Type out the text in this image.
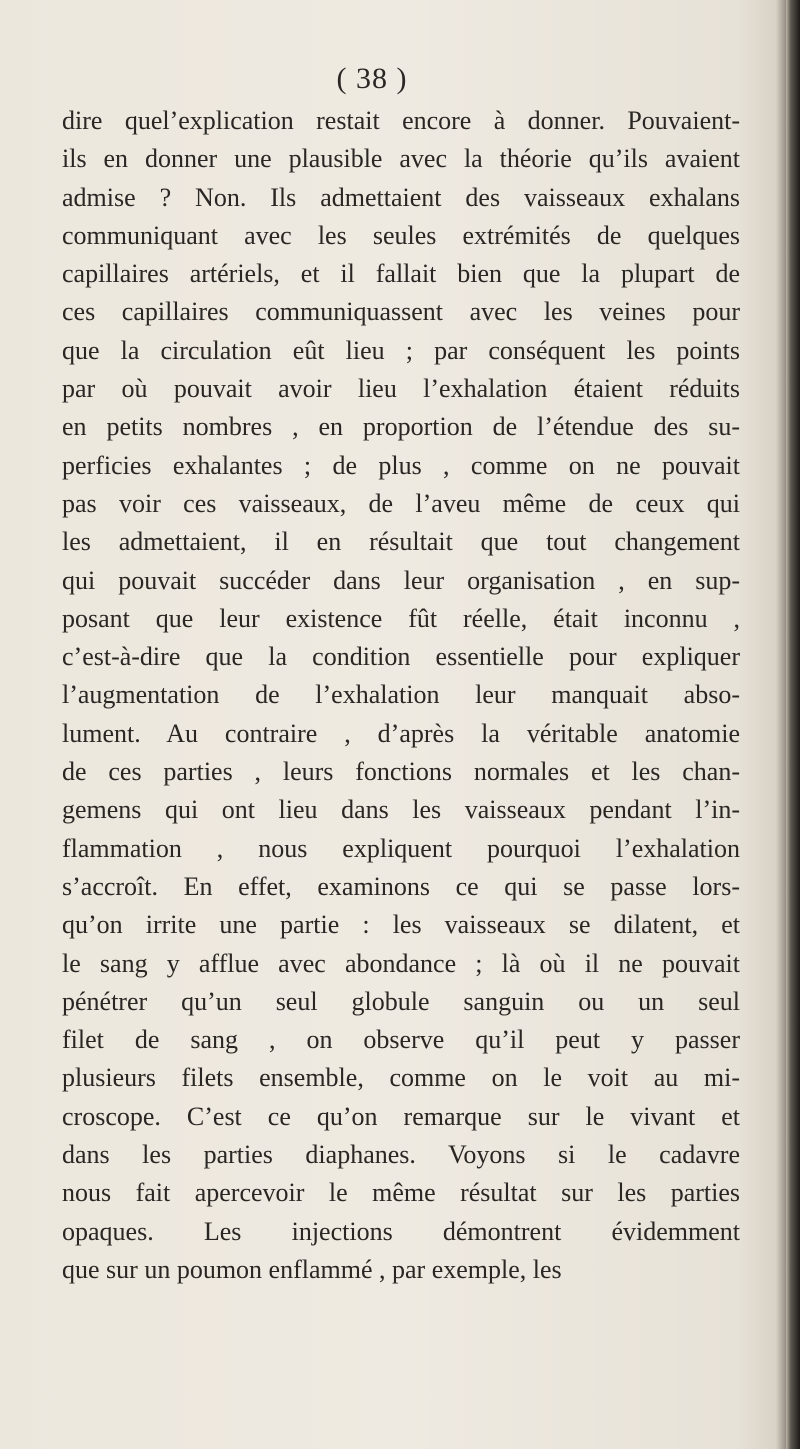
( 38 )
dire quel’explication restait encore à donner. Pouvaient-
ils en donner une plausible avec la théorie qu’ils avaient
admise ? Non. Ils admettaient des vaisseaux exhalans
communiquant avec les seules extrémités de quelques
capillaires artériels, et il fallait bien que la plupart de
ces capillaires communiquassent avec les veines pour
que la circulation eût lieu ; par conséquent les points
par où pouvait avoir lieu l’exhalation étaient réduits
en petits nombres , en proportion de l’étendue des su-
perficies exhalantes ; de plus , comme on ne pouvait
pas voir ces vaisseaux, de l’aveu même de ceux qui
les admettaient, il en résultait que tout changement
qui pouvait succéder dans leur organisation , en sup-
posant que leur existence fût réelle, était inconnu ,
c’est-à-dire que la condition essentielle pour expliquer
l’augmentation de l’exhalation leur manquait abso-
lument. Au contraire , d’après la véritable anatomie
de ces parties , leurs fonctions normales et les chan-
gemens qui ont lieu dans les vaisseaux pendant l’in-
flammation , nous expliquent pourquoi l’exhalation
s’accroît. En effet, examinons ce qui se passe lors-
qu’on irrite une partie : les vaisseaux se dilatent, et
le sang y afflue avec abondance ; là où il ne pouvait
pénétrer qu’un seul globule sanguin ou un seul
filet de sang , on observe qu’il peut y passer
plusieurs filets ensemble, comme on le voit au mi-
croscope. C’est ce qu’on remarque sur le vivant et
dans les parties diaphanes. Voyons si le cadavre
nous fait apercevoir le même résultat sur les parties
opaques. Les injections démontrent évidemment
que sur un poumon enflammé , par exemple, les
